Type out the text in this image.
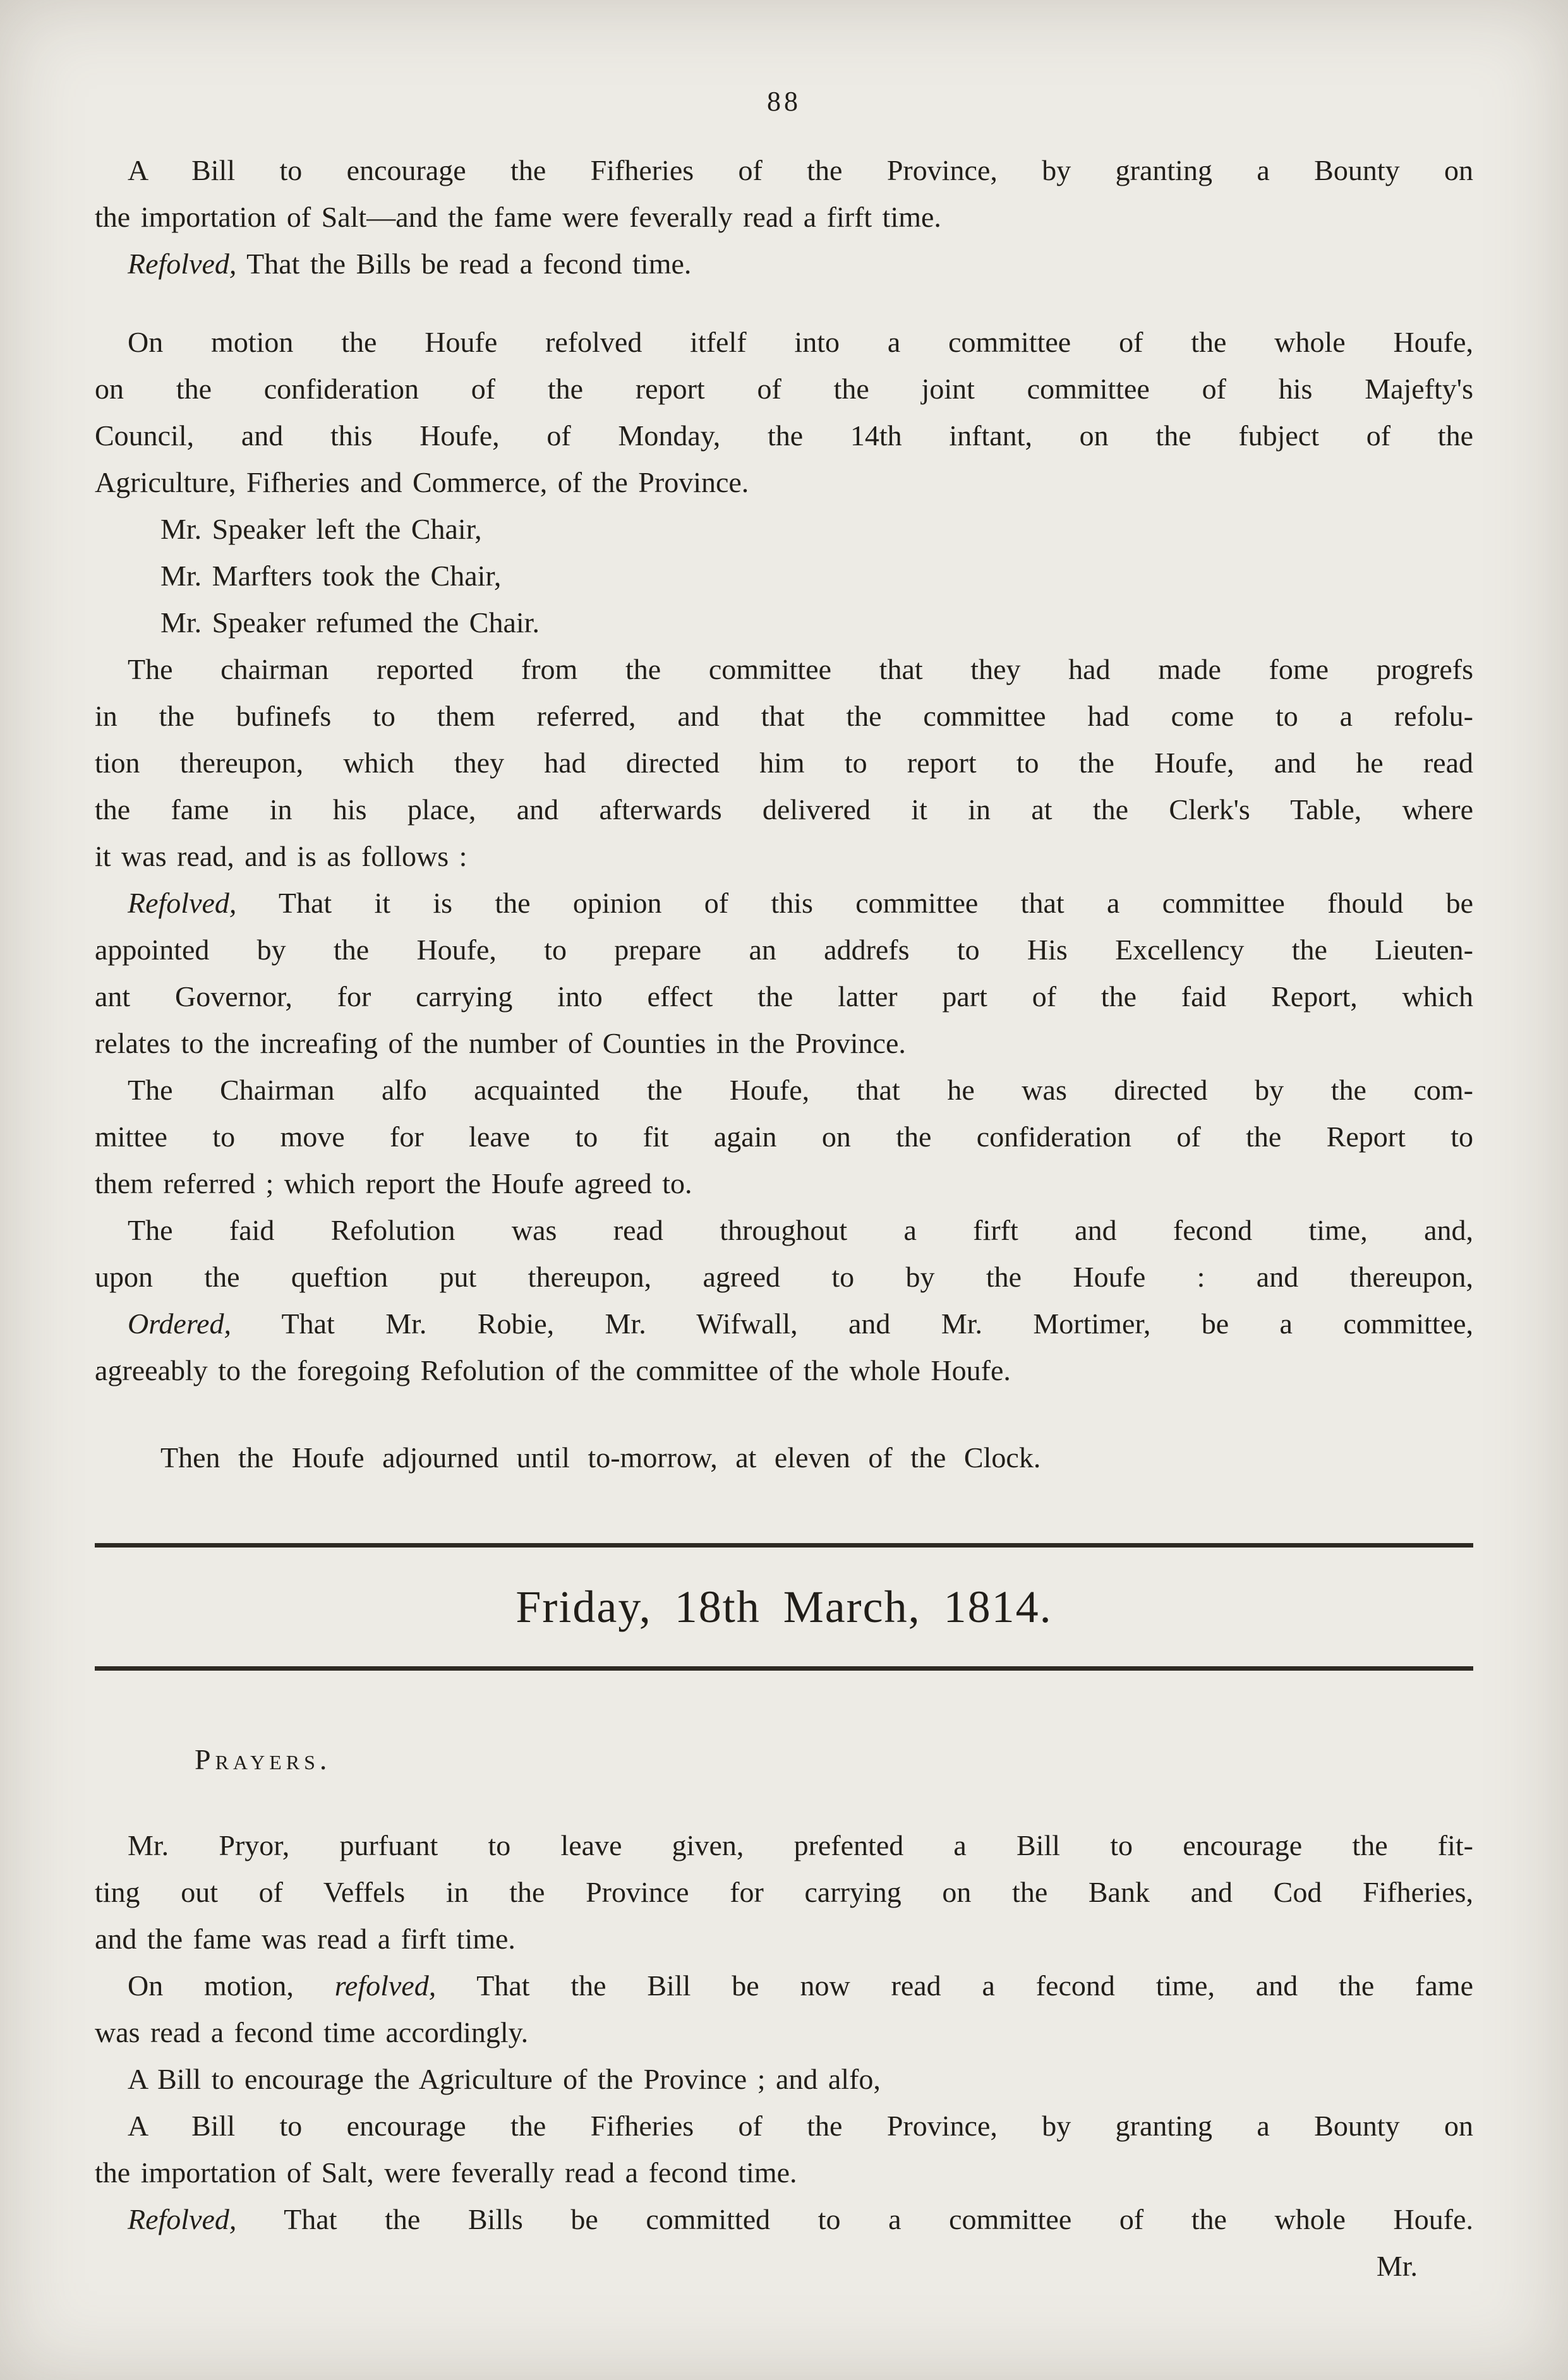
88
A Bill to encourage the Fifheries of the Province, by granting a Bounty on
the importation of Salt—and the fame were feverally read a firft time.
Refolved, That the Bills be read a fecond time.
On motion the Houfe refolved itfelf into a committee of the whole Houfe,
on the confideration of the report of the joint committee of his Majefty's
Council, and this Houfe, of Monday, the 14th inftant, on the fubject of the
Agriculture, Fifheries and Commerce, of the Province.
Mr. Speaker left the Chair,
Mr. Marfters took the Chair,
Mr. Speaker refumed the Chair.
The chairman reported from the committee that they had made fome progrefs
in the bufinefs to them referred, and that the committee had come to a refolu-
tion thereupon, which they had directed him to report to the Houfe, and he read
the fame in his place, and afterwards delivered it in at the Clerk's Table, where
it was read, and is as follows :
Refolved, That it is the opinion of this committee that a committee fhould be
appointed by the Houfe, to prepare an addrefs to His Excellency the Lieuten-
ant Governor, for carrying into effect the latter part of the faid Report, which
relates to the increafing of the number of Counties in the Province.
The Chairman alfo acquainted the Houfe, that he was directed by the com-
mittee to move for leave to fit again on the confideration of the Report to
them referred ; which report the Houfe agreed to.
The faid Refolution was read throughout a firft and fecond time, and,
upon the queftion put thereupon, agreed to by the Houfe : and thereupon,
Ordered, That Mr. Robie, Mr. Wifwall, and Mr. Mortimer, be a committee,
agreeably to the foregoing Refolution of the committee of the whole Houfe.
Then the Houfe adjourned until to-morrow, at eleven of the Clock.
Friday, 18th March, 1814.
Prayers.
Mr. Pryor, purfuant to leave given, prefented a Bill to encourage the fit-
ting out of Veffels in the Province for carrying on the Bank and Cod Fifheries,
and the fame was read a firft time.
On motion, refolved, That the Bill be now read a fecond time, and the fame
was read a fecond time accordingly.
A Bill to encourage the Agriculture of the Province ; and alfo,
A Bill to encourage the Fifheries of the Province, by granting a Bounty on
the importation of Salt, were feverally read a fecond time.
Refolved, That the Bills be committed to a committee of the whole Houfe.
Mr.
